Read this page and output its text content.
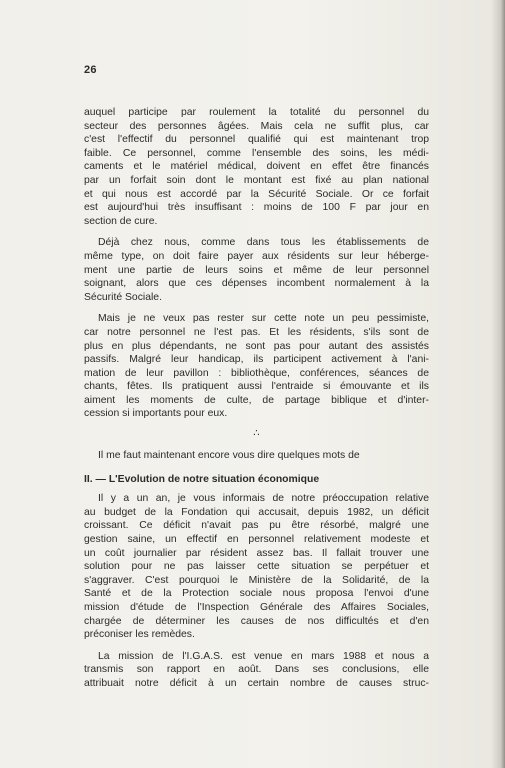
26

auquel participe par roulement la totalité du personnel du
secteur des personnes âgées. Mais cela ne suffit plus, car
c'est l'effectif du personnel qualifié qui est maintenant trop
faible. Ce personnel, comme l'ensemble des soins, les médi-
caments et le matériel médical, doivent en effet être financés
par un forfait soin dont le montant est fixé au plan national
et qui nous est accordé par la Sécurité Sociale. Or ce forfait
est aujourd'hui très insuffisant : moins de 100 F par jour en
section de cure.

Déjà chez nous, comme dans tous les établissements de
même type, on doit faire payer aux résidents sur leur héberge-
ment une partie de leurs soins et même de leur personnel
soignant, alors que ces dépenses incombent normalement à la
Sécurité Sociale.

Mais je ne veux pas rester sur cette note un peu pessimiste,
car notre personnel ne l'est pas. Et les résidents, s'ils sont de
plus en plus dépendants, ne sont pas pour autant des assistés
passifs. Malgré leur handicap, ils participent activement à l'ani-
mation de leur pavillon : bibliothèque, conférences, séances de
chants, fêtes. Ils pratiquent aussi l'entraide si émouvante et ils
aiment les moments de culte, de partage biblique et d'inter-
cession si importants pour eux.

∴

Il me faut maintenant encore vous dire quelques mots de

II. — L'Evolution de notre situation économique

Il y a un an, je vous informais de notre préoccupation relative
au budget de la Fondation qui accusait, depuis 1982, un déficit
croissant. Ce déficit n'avait pas pu être résorbé, malgré une
gestion saine, un effectif en personnel relativement modeste et
un coût journalier par résident assez bas. Il fallait trouver une
solution pour ne pas laisser cette situation se perpétuer et
s'aggraver. C'est pourquoi le Ministère de la Solidarité, de la
Santé et de la Protection sociale nous proposa l'envoi d'une
mission d'étude de l'Inspection Générale des Affaires Sociales,
chargée de déterminer les causes de nos difficultés et d'en
préconiser les remèdes.

La mission de l'I.G.A.S. est venue en mars 1988 et nous a
transmis son rapport en août. Dans ses conclusions, elle
attribuait notre déficit à un certain nombre de causes struc-
